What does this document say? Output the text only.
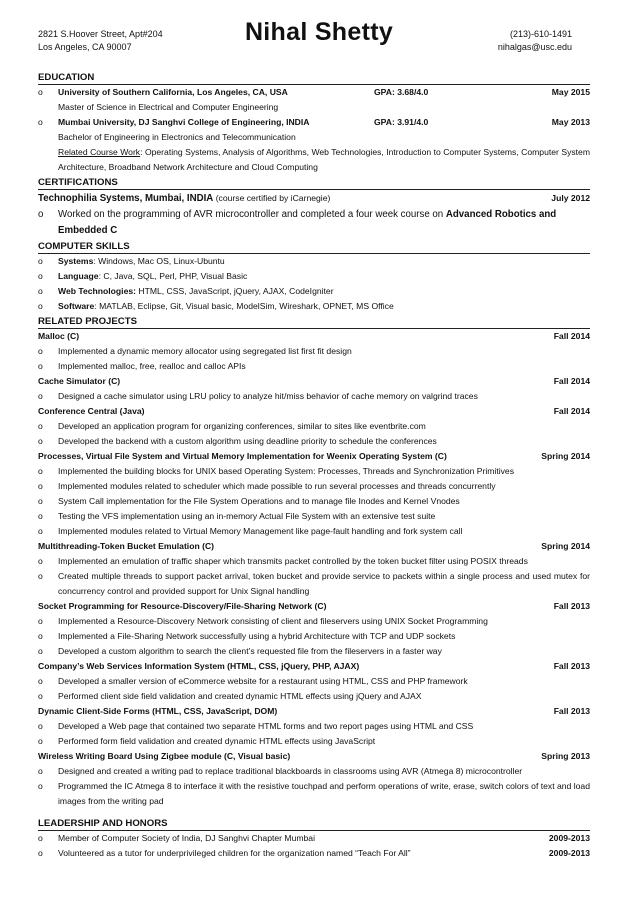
2821 S.Hoover Street, Apt#204
Los Angeles, CA 90007
Nihal Shetty	(213)-610-1491
nihalgas@usc.edu
EDUCATION
o	University of Southern California, Los Angeles, CA, USA	GPA: 3.68/4.0	May 2015
Master of Science in Electrical and Computer Engineering
o	Mumbai University, DJ Sanghvi College of Engineering, INDIA	GPA: 3.91/4.0	May 2013
Bachelor of Engineering in Electronics and Telecommunication
Related Course Work: Operating Systems, Analysis of Algorithms, Web Technologies, Introduction to Computer Systems, Computer System Architecture, Broadband Network Architecture and Cloud Computing
CERTIFICATIONS
Technophilia Systems, Mumbai, INDIA (course certified by iCarnegie)	July 2012
o	Worked on the programming of AVR microcontroller and completed a four week course on Advanced Robotics and Embedded C
COMPUTER SKILLS
o	Systems: Windows, Mac OS, Linux-Ubuntu
o	Language: C, Java, SQL, Perl, PHP, Visual Basic
o	Web Technologies: HTML, CSS, JavaScript, jQuery, AJAX, CodeIgniter
o	Software: MATLAB, Eclipse, Git, Visual basic, ModelSim, Wireshark, OPNET, MS Office
RELATED PROJECTS
Malloc (C)	Fall 2014
o	Implemented a dynamic memory allocator using segregated list first fit design
o	Implemented malloc, free, realloc and calloc APIs
Cache Simulator (C)	Fall 2014
o	Designed a cache simulator using LRU policy to analyze hit/miss behavior of cache memory on valgrind traces
Conference Central (Java)	Fall 2014
o	Developed an application program for organizing conferences, similar to sites like eventbrite.com
o	Developed the backend with a custom algorithm using deadline priority to schedule the conferences
Processes, Virtual File System and Virtual Memory Implementation for Weenix Operating System (C)	Spring 2014
o	Implemented the building blocks for UNIX based Operating System: Processes, Threads and Synchronization Primitives
o	Implemented modules related to scheduler which made possible to run several processes and threads concurrently
o	System Call implementation for the File System Operations and to manage file Inodes and Kernel Vnodes
o	Testing the VFS implementation using an in-memory Actual File System with an extensive test suite
o	Implemented modules related to Virtual Memory Management like page-fault handling and fork system call
Multithreading-Token Bucket Emulation (C)	Spring 2014
o	Implemented an emulation of traffic shaper which transmits packet controlled by the token bucket filter using POSIX threads
o	Created multiple threads to support packet arrival, token bucket and provide service to packets within a single process and used mutex for concurrency control and provided support for Unix Signal handling
Socket Programming for Resource-Discovery/File-Sharing Network (C)	Fall 2013
o	Implemented a Resource-Discovery Network consisting of client and fileservers using UNIX Socket Programming
o	Implemented a File-Sharing Network successfully using a hybrid Architecture with TCP and UDP sockets
o	Developed a custom algorithm to search the client’s requested file from the fileservers in a faster way
Company’s Web Services Information System (HTML, CSS, jQuery, PHP, AJAX)	Fall 2013
o	Developed a smaller version of eCommerce website for a restaurant using HTML, CSS and PHP framework
o	Performed client side field validation and created dynamic HTML effects using jQuery and AJAX
Dynamic Client-Side Forms (HTML, CSS, JavaScript, DOM)	Fall 2013
o	Developed a Web page that contained two separate HTML forms and two report pages using HTML and CSS
o	Performed form field validation and created dynamic HTML effects using JavaScript
Wireless Writing Board Using Zigbee module (C, Visual basic)	Spring 2013
o	Designed and created a writing pad to replace traditional blackboards in classrooms using AVR (Atmega 8) microcontroller
o	Programmed the IC Atmega 8 to interface it with the resistive touchpad and perform operations of write, erase, switch colors of text and load images from the writing pad
LEADERSHIP AND HONORS
o	Member of Computer Society of India, DJ Sanghvi Chapter Mumbai	2009-2013
o	Volunteered as a tutor for underprivileged children for the organization named “Teach For All”	2009-2013
